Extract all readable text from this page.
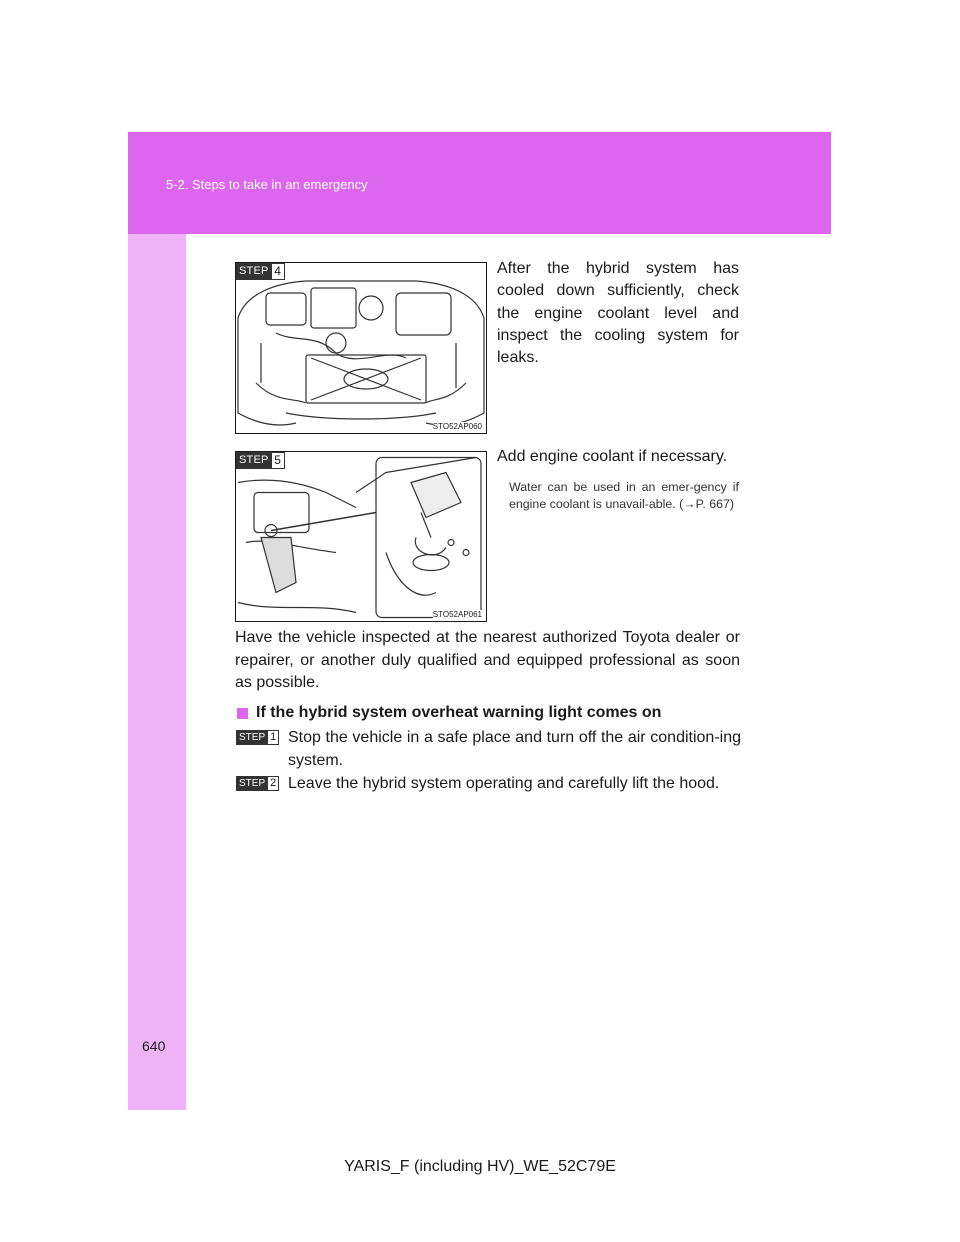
5-2. Steps to take in an emergency
STEP 4
STO52AP060
After the hybrid system has cooled down sufficiently, check the engine coolant level and inspect the cooling system for leaks.
STEP 5
STO52AP061
Add engine coolant if necessary.
Water can be used in an emer-gency if engine coolant is unavail-able. (→P. 667)
Have the vehicle inspected at the nearest authorized Toyota dealer or repairer, or another duly qualified and equipped professional as soon as possible.
If the hybrid system overheat warning light comes on
STEP 1 Stop the vehicle in a safe place and turn off the air condition-ing system.
STEP 2 Leave the hybrid system operating and carefully lift the hood.
640
YARIS_F (including HV)_WE_52C79E
